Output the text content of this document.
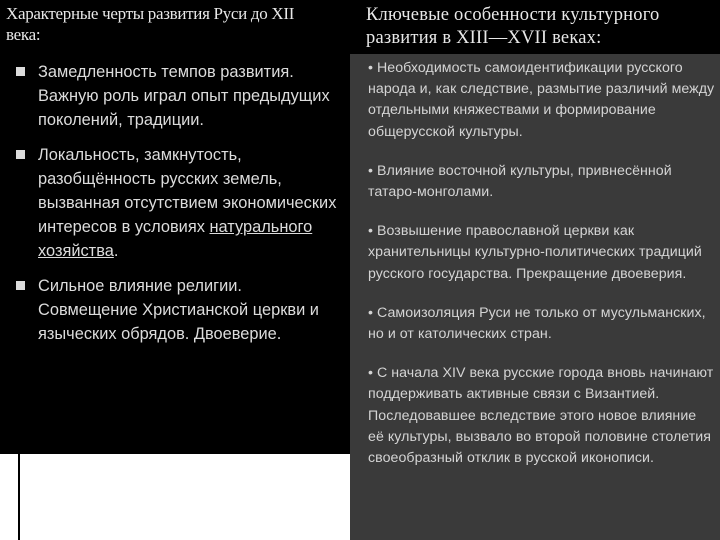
Характерные черты развития Руси до XII века:
Ключевые особенности культурного развития в XIII—XVII веках:
Замедленность темпов развития. Важную роль играл опыт предыдущих поколений, традиции.
Локальность, замкнутость, разобщённость русских земель, вызванная отсутствием экономических интересов в условиях натурального хозяйства.
Сильное влияние религии. Совмещение Христианской церкви и языческих обрядов. Двоеверие.
• Необходимость самоидентификации русского народа и, как следствие, размытие различий между отдельными княжествами и формирование общерусской культуры.
• Влияние восточной культуры, привнесённой татаро-монголами.
• Возвышение православной церкви как хранительницы культурно-политических традиций русского государства. Прекращение двоеверия.
• Самоизоляция Руси не только от мусульманских, но и от католических стран.
• С начала XIV века русские города вновь начинают поддерживать активные связи с Византией. Последовавшее вследствие этого новое влияние её культуры, вызвало во второй половине столетия своеобразный отклик в русской иконописи.
